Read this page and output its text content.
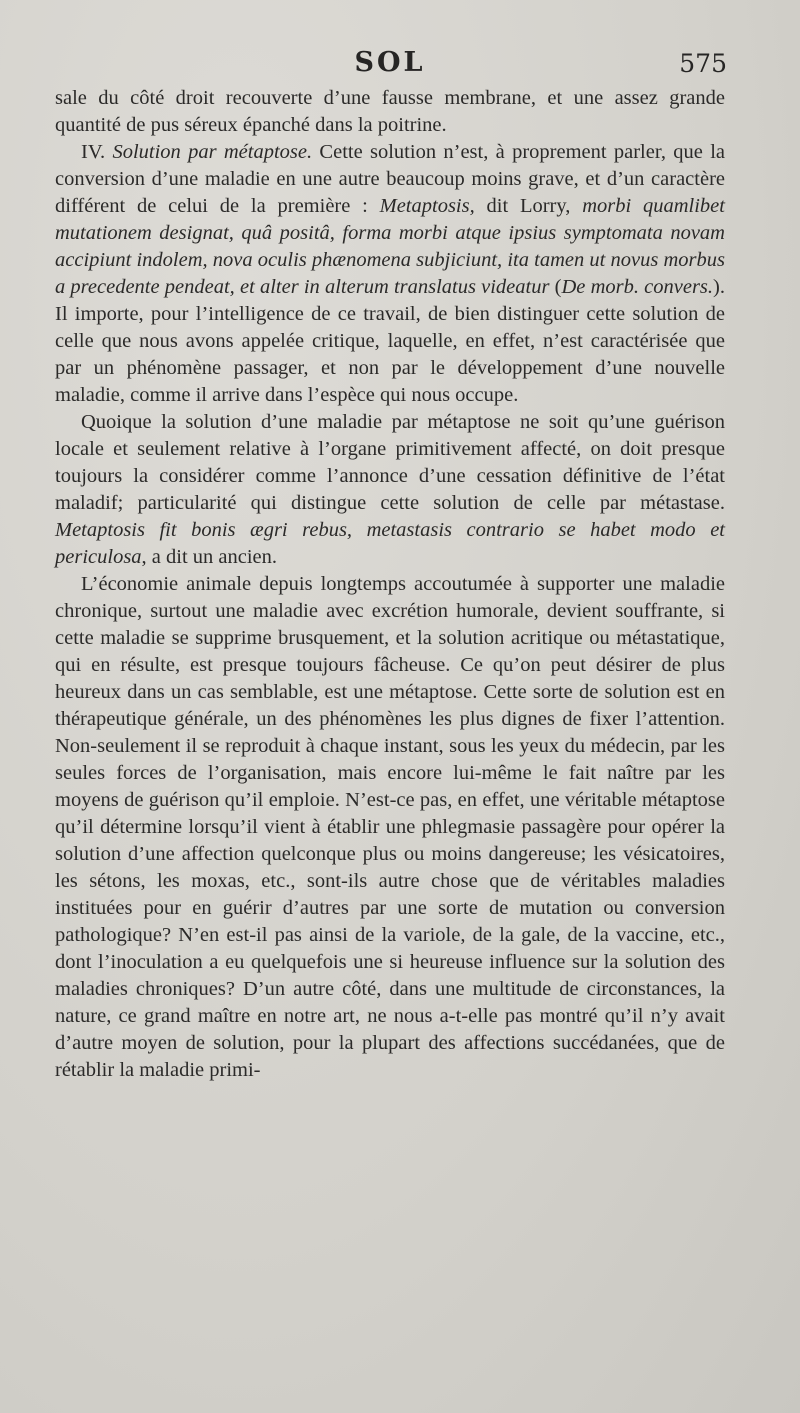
SOL	575

sale du côté droit recouverte d’une fausse membrane, et une assez grande quantité de pus séreux épanché dans la poitrine.

IV. Solution par métaptose. Cette solution n’est, à proprement parler, que la conversion d’une maladie en une autre beaucoup moins grave, et d’un caractère différent de celui de la première : Metaptosis, dit Lorry, morbi quamlibet mutationem designat, quâ positâ, forma morbi atque ipsius symptomata novam accipiunt indolem, nova oculis phænomena subjiciunt, ita tamen ut novus morbus a precedente pendeat, et alter in alterum translatus videatur (De morb. convers.). Il importe, pour l’intelligence de ce travail, de bien distinguer cette solution de celle que nous avons appelée critique, laquelle, en effet, n’est caractérisée que par un phénomène passager, et non par le développement d’une nouvelle maladie, comme il arrive dans l’espèce qui nous occupe.

Quoique la solution d’une maladie par métaptose ne soit qu’une guérison locale et seulement relative à l’organe primitivement affecté, on doit presque toujours la considérer comme l’annonce d’une cessation définitive de l’état maladif; particularité qui distingue cette solution de celle par métastase. Metaptosis fit bonis ægri rebus, metastasis contrario se habet modo et periculosa, a dit un ancien.

L’économie animale depuis longtemps accoutumée à supporter une maladie chronique, surtout une maladie avec excrétion humorale, devient souffrante, si cette maladie se supprime brusquement, et la solution acritique ou métastatique, qui en résulte, est presque toujours fâcheuse. Ce qu’on peut désirer de plus heureux dans un cas semblable, est une métaptose. Cette sorte de solution est en thérapeutique générale, un des phénomènes les plus dignes de fixer l’attention. Non-seulement il se reproduit à chaque instant, sous les yeux du médecin, par les seules forces de l’organisation, mais encore lui-même le fait naître par les moyens de guérison qu’il emploie. N’est-ce pas, en effet, une véritable métaptose qu’il détermine lorsqu’il vient à établir une phlegmasie passagère pour opérer la solution d’une affection quelconque plus ou moins dangereuse; les vésicatoires, les sétons, les moxas, etc., sont-ils autre chose que de véritables maladies instituées pour en guérir d’autres par une sorte de mutation ou conversion pathologique? N’en est-il pas ainsi de la variole, de la gale, de la vaccine, etc., dont l’inoculation a eu quelquefois une si heureuse influence sur la solution des maladies chroniques? D’un autre côté, dans une multitude de circonstances, la nature, ce grand maître en notre art, ne nous a-t-elle pas montré qu’il n’y avait d’autre moyen de solution, pour la plupart des affections succédanées, que de rétablir la maladie primi-
